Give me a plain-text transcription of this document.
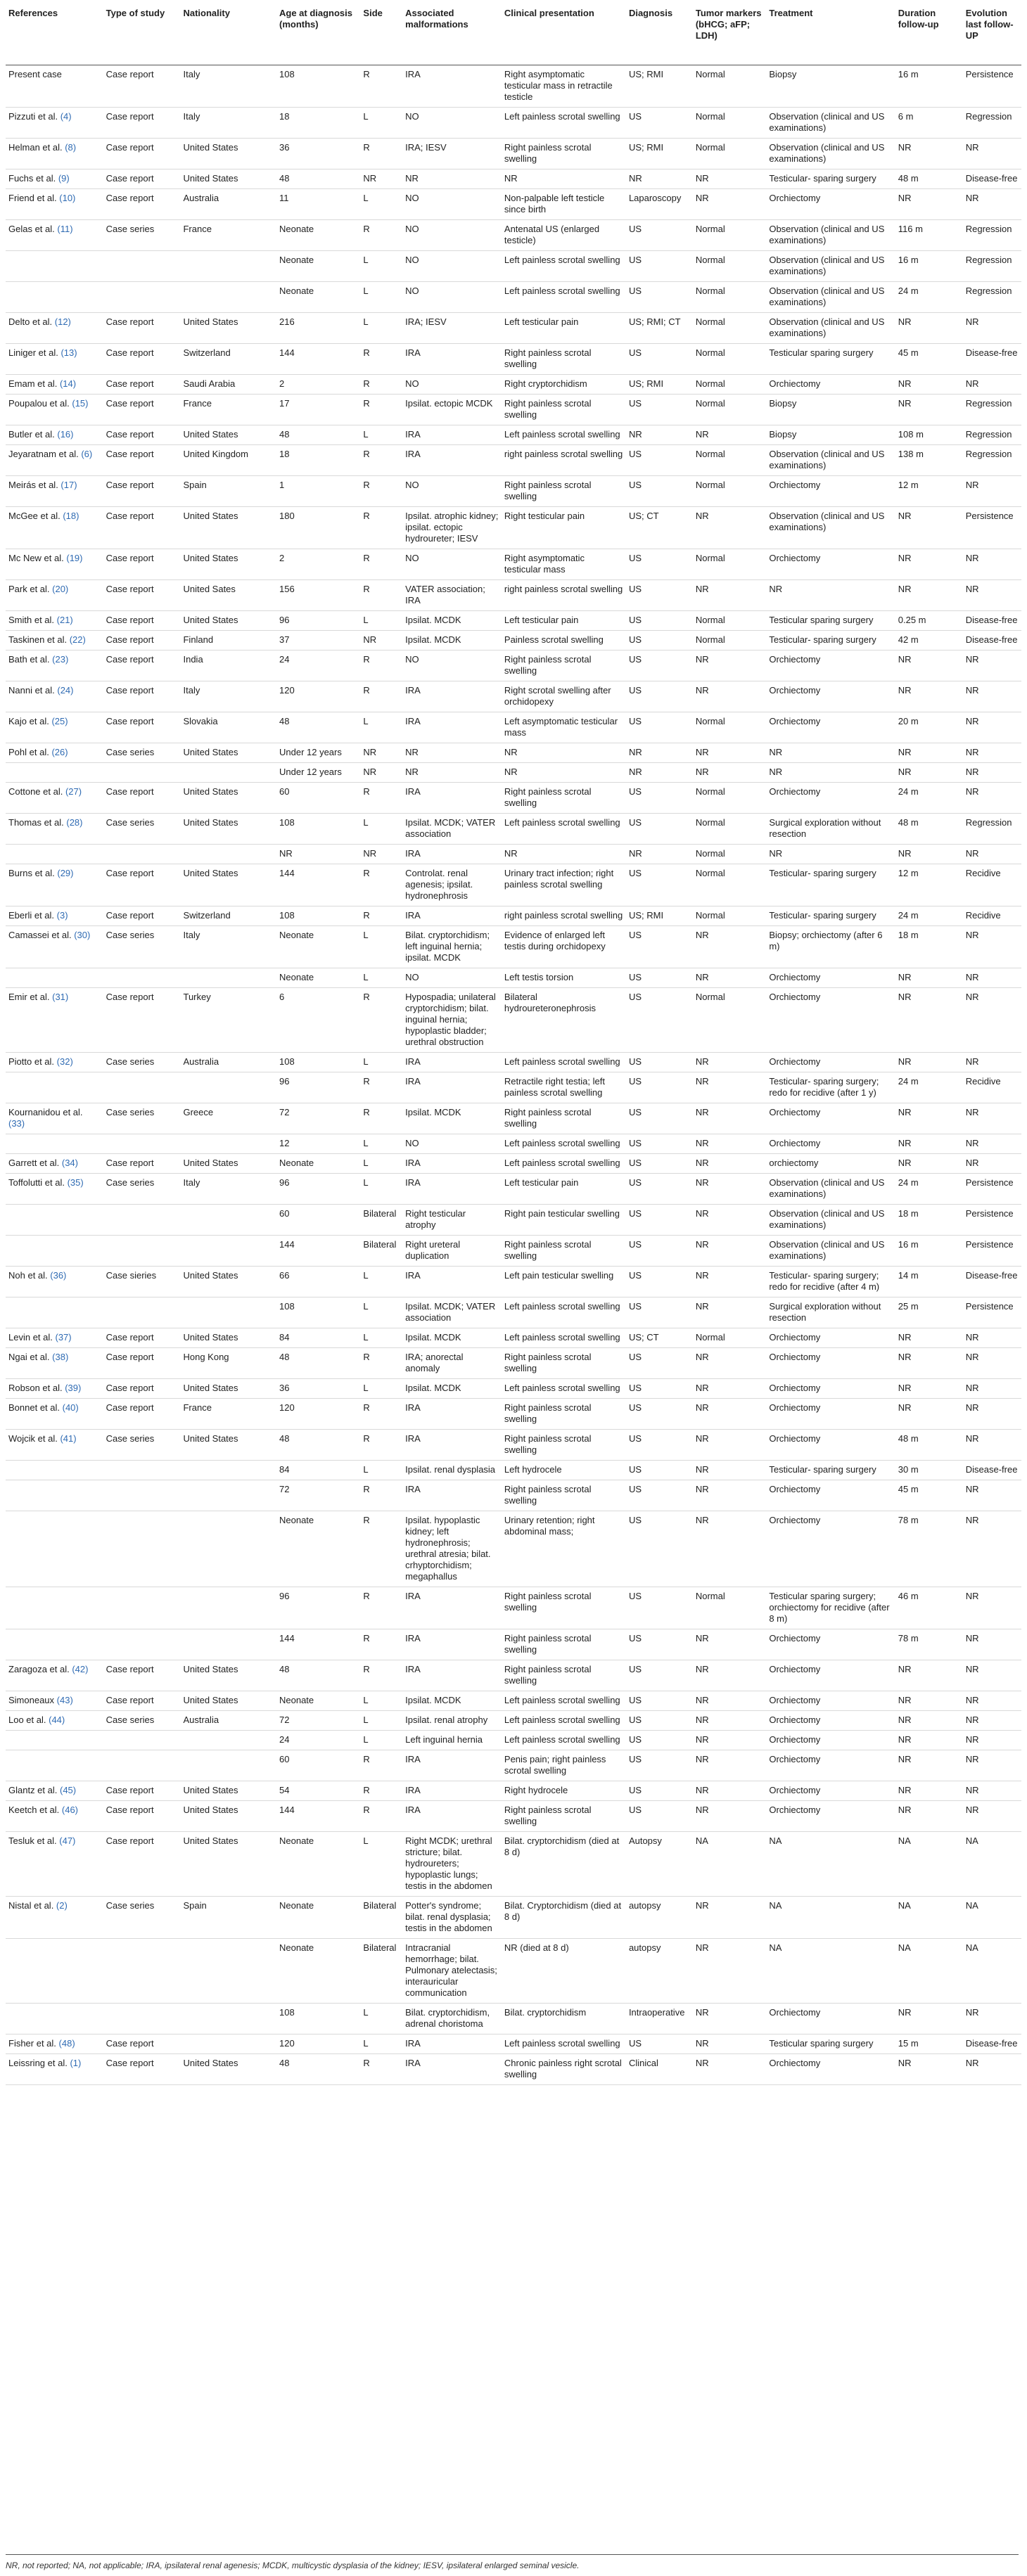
References	Type of study	Nationality	Age at diagnosis (months)	Side	Associated malformations	Clinical presentation	Diagnosis	Tumor markers (bHCG; aFP; LDH)	Treatment	Duration follow-up	Evolution last follow-UP
Present case	Case report	Italy	108	R	IRA	Right asymptomatic testicular mass in retractile testicle	US; RMI	Normal	Biopsy	16 m	Persistence
Pizzuti et al. (4)	Case report	Italy	18	L	NO	Left painless scrotal swelling	US	Normal	Observation (clinical and US examinations)	6 m	Regression
Helman et al. (8)	Case report	United States	36	R	IRA; IESV	Right painless scrotal swelling	US; RMI	Normal	Observation (clinical and US examinations)	NR	NR
Fuchs et al. (9)	Case report	United States	48	NR	NR	NR	NR	NR	Testicular- sparing surgery	48 m	Disease-free
Friend et al. (10)	Case report	Australia	11	L	NO	Non-palpable left testicle since birth	Laparoscopy	NR	Orchiectomy	NR	NR
Gelas et al. (11)	Case series	France	Neonate	R	NO	Antenatal US (enlarged testicle)	US	Normal	Observation (clinical and US examinations)	116 m	Regression
			Neonate	L	NO	Left painless scrotal swelling	US	Normal	Observation (clinical and US examinations)	16 m	Regression
			Neonate	L	NO	Left painless scrotal swelling	US	Normal	Observation (clinical and US examinations)	24 m	Regression
Delto et al. (12)	Case report	United States	216	L	IRA; IESV	Left testicular pain	US; RMI; CT	Normal	Observation (clinical and US examinations)	NR	NR
Liniger et al. (13)	Case report	Switzerland	144	R	IRA	Right painless scrotal swelling	US	Normal	Testicular sparing surgery	45 m	Disease-free
Emam et al. (14)	Case report	Saudi Arabia	2	R	NO	Right cryptorchidism	US; RMI	Normal	Orchiectomy	NR	NR
Poupalou et al. (15)	Case report	France	17	R	Ipsilat. ectopic MCDK	Right painless scrotal swelling	US	Normal	Biopsy	NR	Regression
Butler et al. (16)	Case report	United States	48	L	IRA	Left painless scrotal swelling	NR	NR	Biopsy	108 m	Regression
Jeyaratnam et al. (6)	Case report	United Kingdom	18	R	IRA	right painless scrotal swelling	US	Normal	Observation (clinical and US examinations)	138 m	Regression
Meirás et al. (17)	Case report	Spain	1	R	NO	Right painless scrotal swelling	US	Normal	Orchiectomy	12 m	NR
McGee et al. (18)	Case report	United States	180	R	Ipsilat. atrophic kidney; ipsilat. ectopic hydroureter; IESV	Right testicular pain	US; CT	NR	Observation (clinical and US examinations)	NR	Persistence
Mc New et al. (19)	Case report	United States	2	R	NO	Right asymptomatic testicular mass	US	Normal	Orchiectomy	NR	NR
Park et al. (20)	Case report	United Sates	156	R	VATER association; IRA	right painless scrotal swelling	US	NR	NR	NR	NR
Smith et al. (21)	Case report	United States	96	L	Ipsilat. MCDK	Left testicular pain	US	Normal	Testicular sparing surgery	0.25 m	Disease-free
Taskinen et al. (22)	Case report	Finland	37	NR	Ipsilat. MCDK	Painless scrotal swelling	US	Normal	Testicular- sparing surgery	42 m	Disease-free
Bath et al. (23)	Case report	India	24	R	NO	Right painless scrotal swelling	US	NR	Orchiectomy	NR	NR
Nanni et al. (24)	Case report	Italy	120	R	IRA	Right scrotal swelling after orchidopexy	US	NR	Orchiectomy	NR	NR
Kajo et al. (25)	Case report	Slovakia	48	L	IRA	Left asymptomatic testicular mass	US	Normal	Orchiectomy	20 m	NR
Pohl et al. (26)	Case series	United States	Under 12 years	NR	NR	NR	NR	NR	NR	NR	NR
			Under 12 years	NR	NR	NR	NR	NR	NR	NR	NR
Cottone et al. (27)	Case report	United States	60	R	IRA	Right painless scrotal swelling	US	Normal	Orchiectomy	24 m	NR
Thomas et al. (28)	Case series	United States	108	L	Ipsilat. MCDK; VATER association	Left painless scrotal swelling	US	Normal	Surgical exploration without resection	48 m	Regression
			NR	NR	IRA	NR	NR	Normal	NR	NR	NR
Burns et al. (29)	Case report	United States	144	R	Controlat. renal agenesis; ipsilat. hydronephrosis	Urinary tract infection; right painless scrotal swelling	US	Normal	Testicular- sparing surgery	12 m	Recidive
Eberli et al. (3)	Case report	Switzerland	108	R	IRA	right painless scrotal swelling	US; RMI	Normal	Testicular- sparing surgery	24 m	Recidive
Camassei et al. (30)	Case series	Italy	Neonate	L	Bilat. cryptorchidism; left inguinal hernia; ipsilat. MCDK	Evidence of enlarged left testis during orchidopexy	US	NR	Biopsy; orchiectomy (after 6 m)	18 m	NR
			Neonate	L	NO	Left testis torsion	US	NR	Orchiectomy	NR	NR
Emir et al. (31)	Case report	Turkey	6	R	Hypospadia; unilateral cryptorchidism; bilat. inguinal hernia; hypoplastic bladder; urethral obstruction	Bilateral hydroureteronephrosis	US	Normal	Orchiectomy	NR	NR
Piotto et al. (32)	Case series	Australia	108	L	IRA	Left painless scrotal swelling	US	NR	Orchiectomy	NR	NR
			96	R	IRA	Retractile right testia; left painless scrotal swelling	US	NR	Testicular- sparing surgery; redo for recidive (after 1 y)	24 m	Recidive
Kournanidou et al. (33)	Case series	Greece	72	R	Ipsilat. MCDK	Right painless scrotal swelling	US	NR	Orchiectomy	NR	NR
			12	L	NO	Left painless scrotal swelling	US	NR	Orchiectomy	NR	NR
Garrett et al. (34)	Case report	United States	Neonate	L	IRA	Left painless scrotal swelling	US	NR	orchiectomy	NR	NR
Toffolutti et al. (35)	Case series	Italy	96	L	IRA	Left testicular pain	US	NR	Observation (clinical and US examinations)	24 m	Persistence
			60	Bilateral	Right testicular atrophy	Right pain testicular swelling	US	NR	Observation (clinical and US examinations)	18 m	Persistence
			144	Bilateral	Right ureteral duplication	Right painless scrotal swelling	US	NR	Observation (clinical and US examinations)	16 m	Persistence
Noh et al. (36)	Case sieries	United States	66	L	IRA	Left pain testicular swelling	US	NR	Testicular- sparing surgery; redo for recidive (after 4 m)	14 m	Disease-free
			108	L	Ipsilat. MCDK; VATER association	Left painless scrotal swelling	US	NR	Surgical exploration without resection	25 m	Persistence
Levin et al. (37)	Case report	United States	84	L	Ipsilat. MCDK	Left painless scrotal swelling	US; CT	Normal	Orchiectomy	NR	NR
Ngai et al. (38)	Case report	Hong Kong	48	R	IRA; anorectal anomaly	Right painless scrotal swelling	US	NR	Orchiectomy	NR	NR
Robson et al. (39)	Case report	United States	36	L	Ipsilat. MCDK	Left painless scrotal swelling	US	NR	Orchiectomy	NR	NR
Bonnet et al. (40)	Case report	France	120	R	IRA	Right painless scrotal swelling	US	NR	Orchiectomy	NR	NR
Wojcik et al. (41)	Case series	United States	48	R	IRA	Right painless scrotal swelling	US	NR	Orchiectomy	48 m	NR
			84	L	Ipsilat. renal dysplasia	Left hydrocele	US	NR	Testicular- sparing surgery	30 m	Disease-free
			72	R	IRA	Right painless scrotal swelling	US	NR	Orchiectomy	45 m	NR
			Neonate	R	Ipsilat. hypoplastic kidney; left hydronephrosis; urethral atresia; bilat. crhyptorchidism; megaphallus	Urinary retention; right abdominal mass;	US	NR	Orchiectomy	78 m	NR
			96	R	IRA	Right painless scrotal swelling	US	Normal	Testicular sparing surgery; orchiectomy for recidive (after 8 m)	46 m	NR
			144	R	IRA	Right painless scrotal swelling	US	NR	Orchiectomy	78 m	NR
Zaragoza et al. (42)	Case report	United States	48	R	IRA	Right painless scrotal swelling	US	NR	Orchiectomy	NR	NR
Simoneaux (43)	Case report	United States	Neonate	L	Ipsilat. MCDK	Left painless scrotal swelling	US	NR	Orchiectomy	NR	NR
Loo et al. (44)	Case series	Australia	72	L	Ipsilat. renal atrophy	Left painless scrotal swelling	US	NR	Orchiectomy	NR	NR
			24	L	Left inguinal hernia	Left painless scrotal swelling	US	NR	Orchiectomy	NR	NR
			60	R	IRA	Penis pain; right painless scrotal swelling	US	NR	Orchiectomy	NR	NR
Glantz et al. (45)	Case report	United States	54	R	IRA	Right hydrocele	US	NR	Orchiectomy	NR	NR
Keetch et al. (46)	Case report	United States	144	R	IRA	Right painless scrotal swelling	US	NR	Orchiectomy	NR	NR
Tesluk et al. (47)	Case report	United States	Neonate	L	Right MCDK; urethral stricture; bilat. hydroureters; hypoplastic lungs; testis in the abdomen	Bilat. cryptorchidism (died at 8 d)	Autopsy	NA	NA	NA	NA
Nistal et al. (2)	Case series	Spain	Neonate	Bilateral	Potter's syndrome; bilat. renal dysplasia; testis in the abdomen	Bilat. Cryptorchidism (died at 8 d)	autopsy	NR	NA	NA	NA
			Neonate	Bilateral	Intracranial hemorrhage; bilat. Pulmonary atelectasis; interauricular communication	NR (died at 8 d)	autopsy	NR	NA	NA	NA
			108	L	Bilat. cryptorchidism, adrenal choristoma	Bilat. cryptorchidism	Intraoperative	NR	Orchiectomy	NR	NR
Fisher et al. (48)	Case report		120	L	IRA	Left painless scrotal swelling	US	NR	Testicular sparing surgery	15 m	Disease-free
Leissring et al. (1)	Case report	United States	48	R	IRA	Chronic painless right scrotal swelling	Clinical	NR	Orchiectomy	NR	NR
NR, not reported; NA, not applicable; IRA, ipsilateral renal agenesis; MCDK, multicystic dysplasia of the kidney; IESV, ipsilateral enlarged seminal vesicle.
